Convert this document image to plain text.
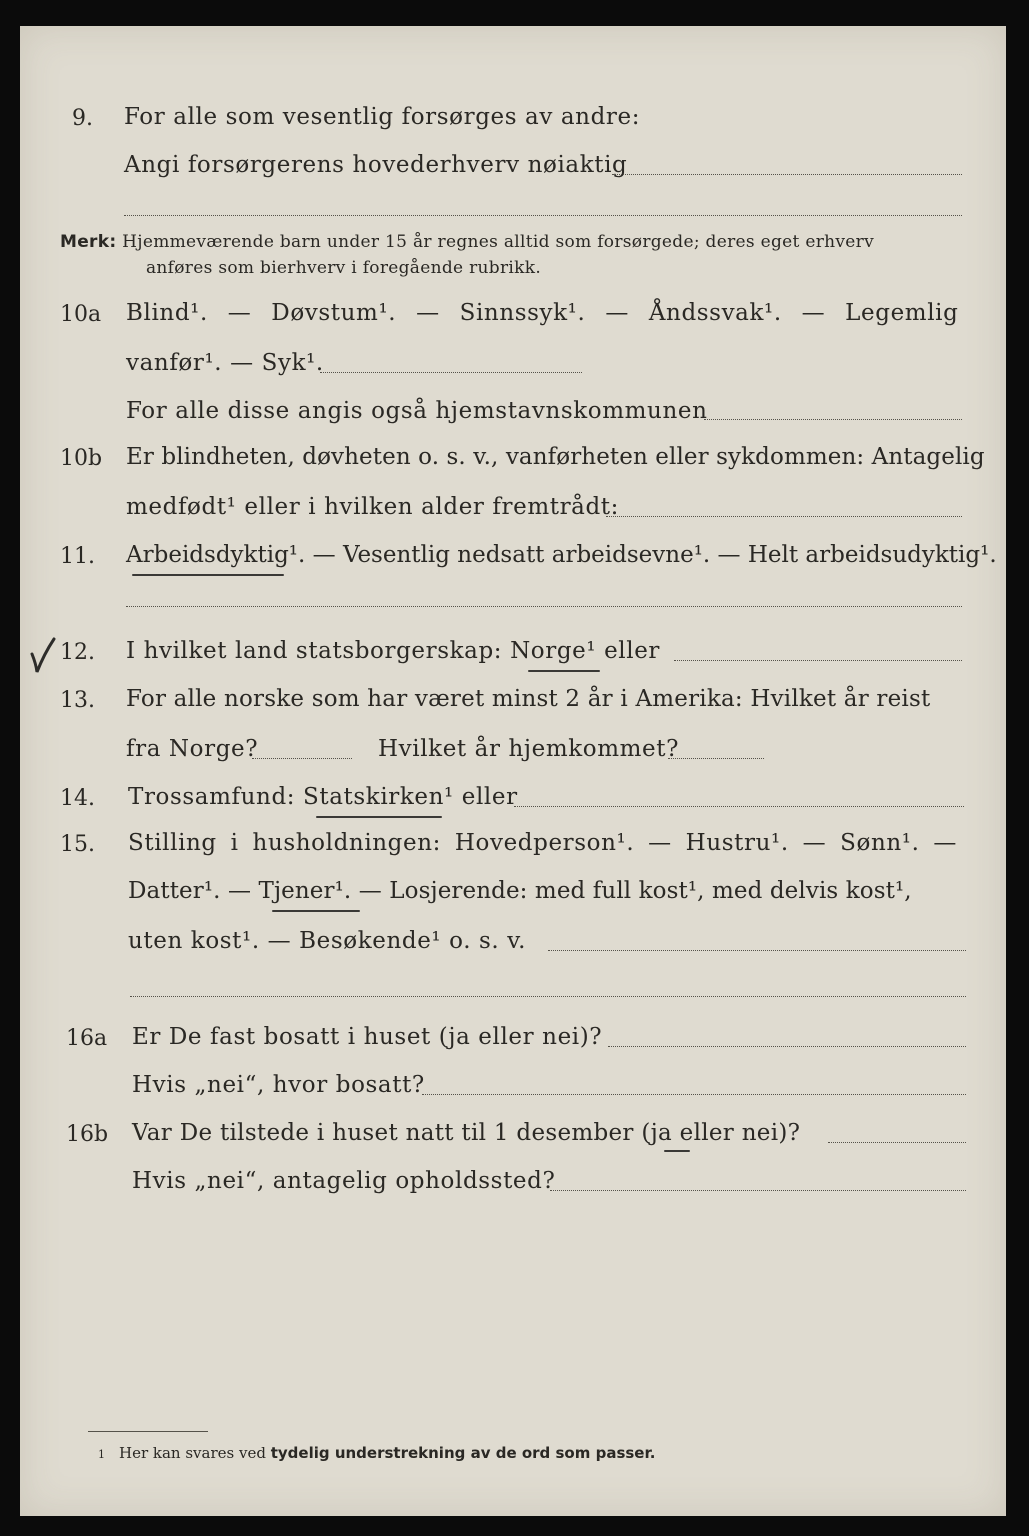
9. For alle som vesentlig forsørges av andre:
Angi forsørgerens hovederhverv nøiaktig
Merk: Hjemmeværende barn under 15 år regnes alltid som forsørgede; deres eget erhverv
anføres som bierhverv i foregående rubrikk.
10a Blind¹. — Døvstum¹. — Sinnssyk¹. — Åndssvak¹. — Legemlig
vanfør¹. — Syk¹.
For alle disse angis også hjemstavnskommunen
10b Er blindheten, døvheten o. s. v., vanførheten eller sykdommen: Antagelig
medfødt¹ eller i hvilken alder fremtrådt:
11. Arbeidsdyktig¹. — Vesentlig nedsatt arbeidsevne¹. — Helt arbeidsudyktig¹.
12. I hvilket land statsborgerskap: Norge¹ eller
13. For alle norske som har været minst 2 år i Amerika: Hvilket år reist
fra Norge?	Hvilket år hjemkommet?
14. Trossamfund: Statskirken¹ eller
15. Stilling i husholdningen: Hovedperson¹. — Hustru¹. — Sønn¹. —
Datter¹. — Tjener¹. — Losjerende: med full kost¹, med delvis kost¹,
uten kost¹. — Besøkende¹ o. s. v.
16a Er De fast bosatt i huset (ja eller nei)?
Hvis „nei“, hvor bosatt?
16b Var De tilstede i huset natt til 1 desember (ja eller nei)?
Hvis „nei“, antagelig opholdssted?
1 Her kan svares ved tydelig understrekning av de ord som passer.
